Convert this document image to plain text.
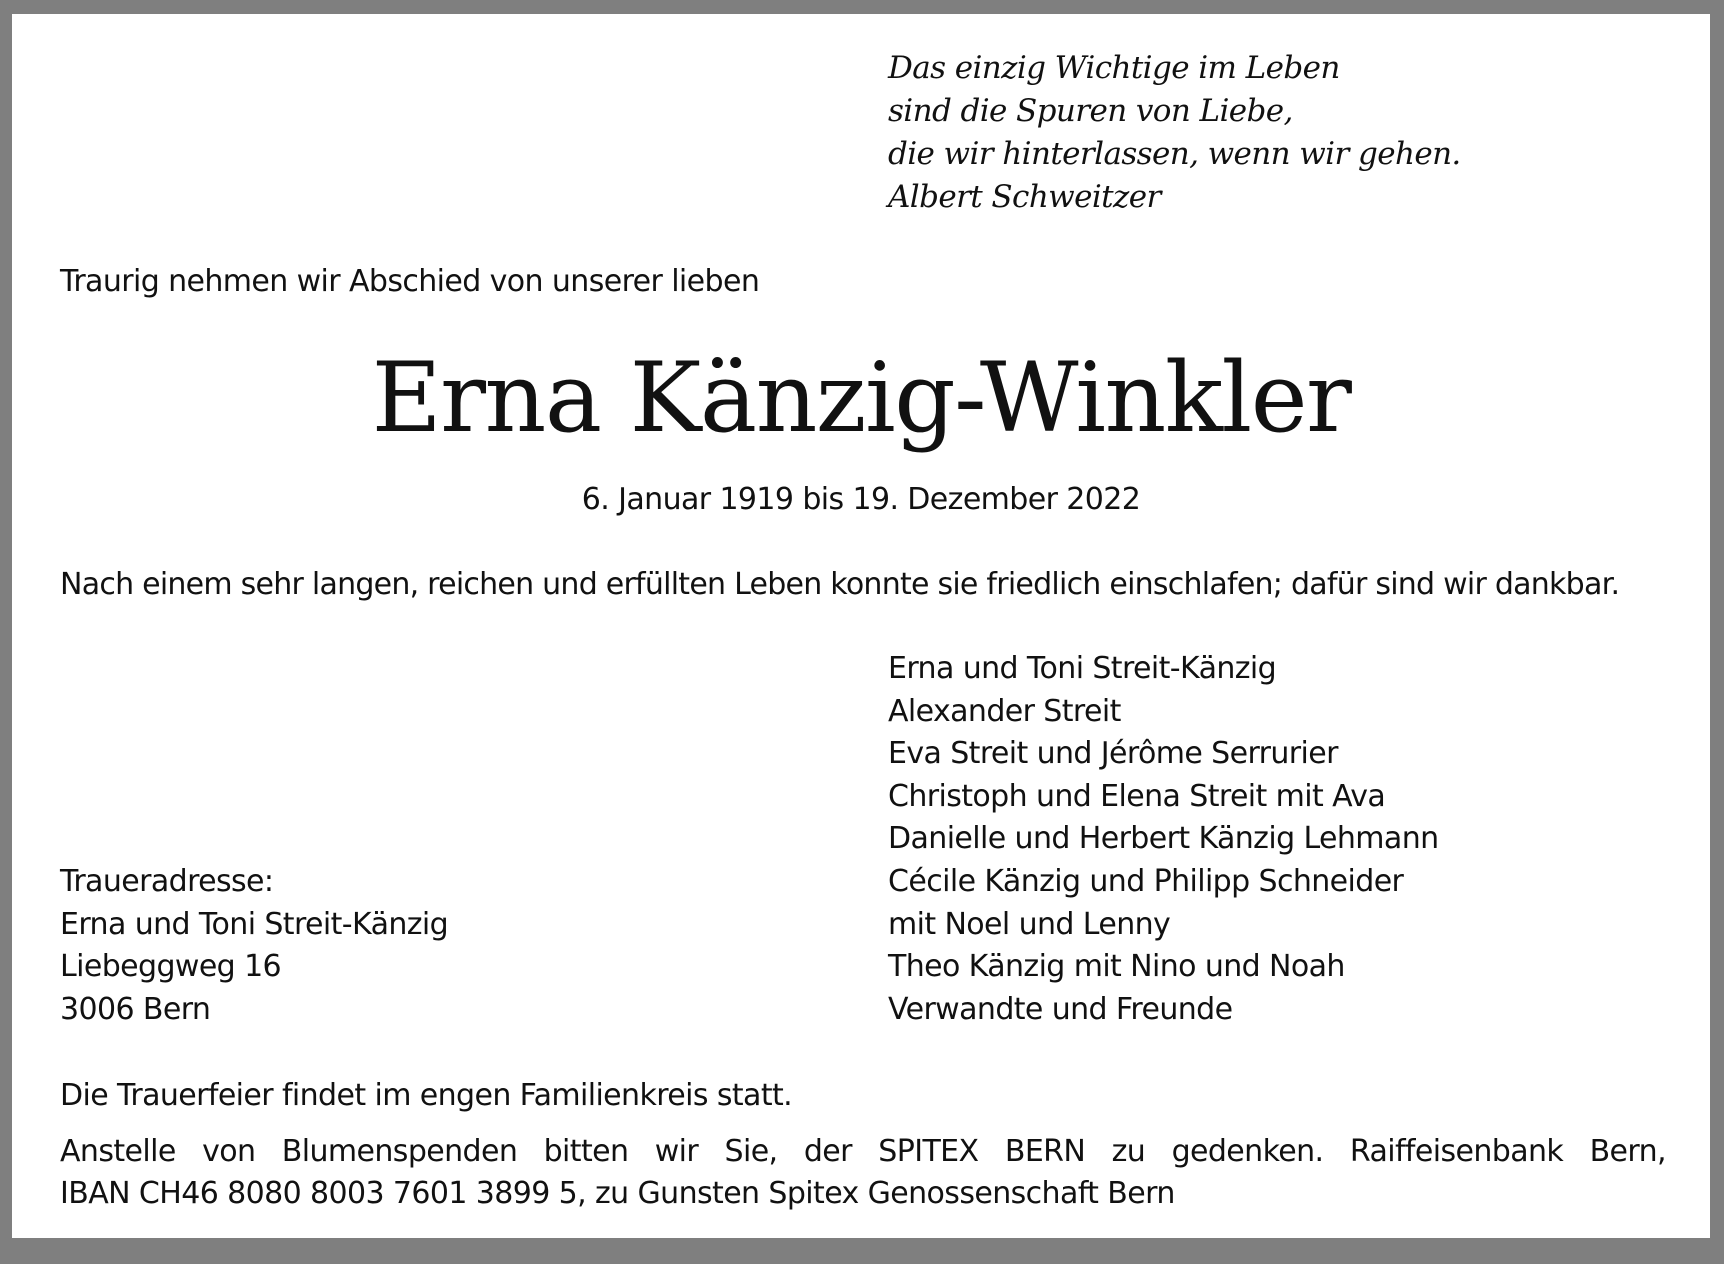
Das einzig Wichtige im Leben
sind die Spuren von Liebe,
die wir hinterlassen, wenn wir gehen.
Albert Schweitzer
Traurig nehmen wir Abschied von unserer lieben
Erna Känzig-Winkler
6. Januar 1919 bis 19. Dezember 2022
Nach einem sehr langen, reichen und erfüllten Leben konnte sie friedlich einschlafen; dafür sind wir dankbar.
Erna und Toni Streit-Känzig
Alexander Streit
Eva Streit und Jérôme Serrurier
Christoph und Elena Streit mit Ava
Danielle und Herbert Känzig Lehmann
Cécile Känzig und Philipp Schneider
mit Noel und Lenny
Theo Känzig mit Nino und Noah
Verwandte und Freunde
Traueradresse:
Erna und Toni Streit-Känzig
Liebeggweg 16
3006 Bern
Die Trauerfeier findet im engen Familienkreis statt.
Anstelle von Blumenspenden bitten wir Sie, der SPITEX BERN zu gedenken. Raiffeisenbank Bern,
IBAN CH46 8080 8003 7601 3899 5, zu Gunsten Spitex Genossenschaft Bern
